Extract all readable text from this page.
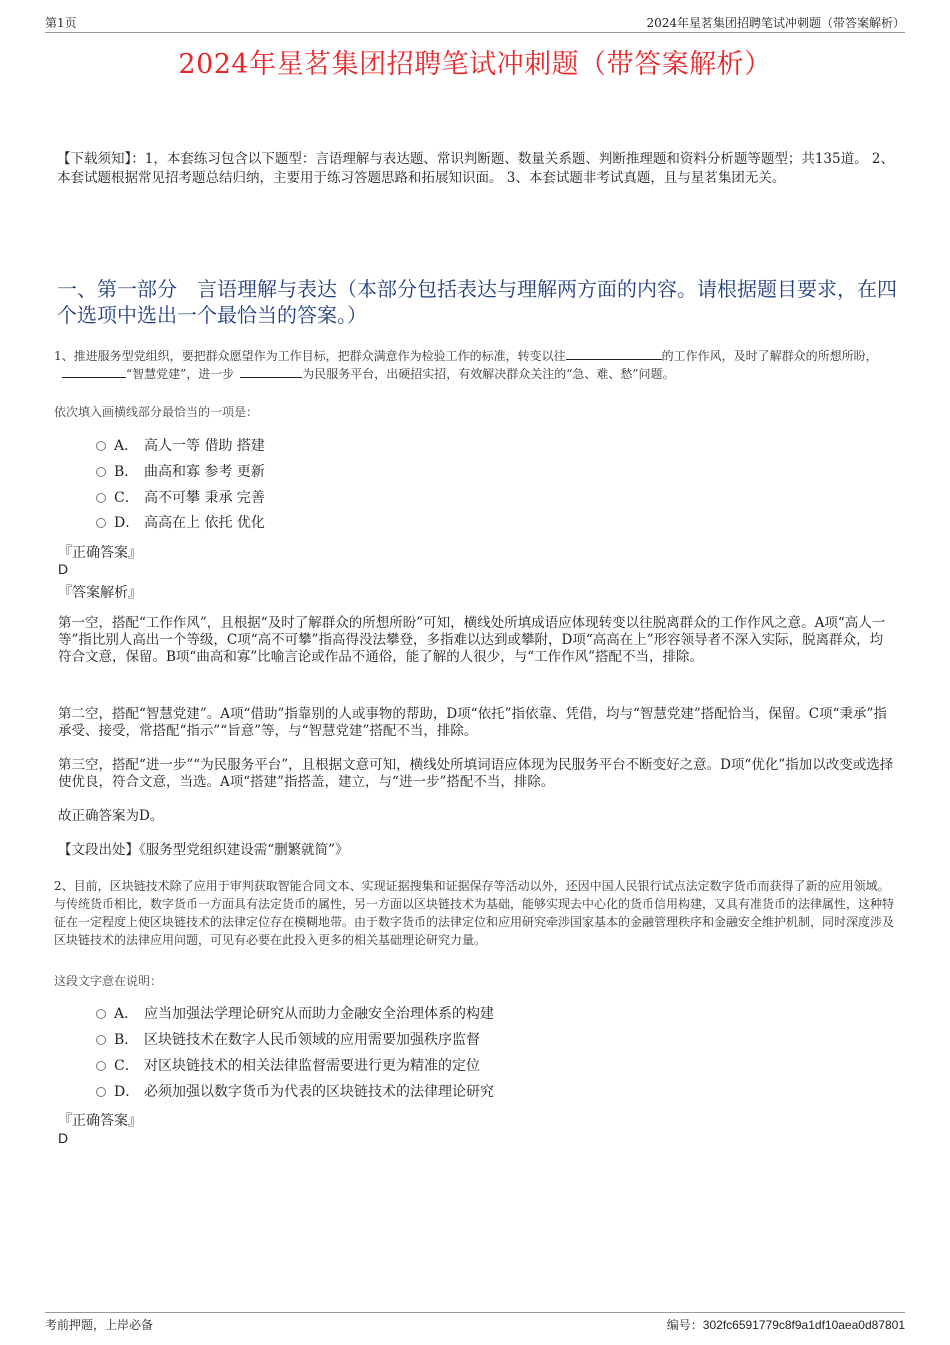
第1页	2024年星茗集团招聘笔试冲刺题（带答案解析）
2024年星茗集团招聘笔试冲刺题（带答案解析）
【下载须知】：1，本套练习包含以下题型：言语理解与表达题、常识判断题、数量关系题、判断推理题和资料分析题等题型；共135道。 2、本套试题根据常见招考题总结归纳，主要用于练习答题思路和拓展知识面。 3、本套试题非考试真题，且与星茗集团无关。
一、第一部分　言语理解与表达（本部分包括表达与理解两方面的内容。请根据题目要求，在四个选项中选出一个最恰当的答案。）
1、推进服务型党组织，要把群众愿望作为工作目标，把群众满意作为检验工作的标准，转变以往	的工作作风，及时了解群众的所想所盼，“智慧党建”，进一步	为民服务平台，出硬招实招，有效解决群众关注的“急、难、愁”问题。
依次填入画横线部分最恰当的一项是：
A． 高人一等 借助 搭建
B． 曲高和寡 参考 更新
C． 高不可攀 秉承 完善
D． 高高在上 依托 优化
『正确答案』
D
『答案解析』
第一空，搭配“工作作风”，且根据“及时了解群众的所想所盼”可知，横线处所填成语应体现转变以往脱离群众的工作作风之意。A项“高人一等”指比别人高出一个等级，C项“高不可攀”指高得没法攀登，多指难以达到或攀附，D项“高高在上”形容领导者不深入实际，脱离群众，均符合文意，保留。B项“曲高和寡”比喻言论或作品不通俗，能了解的人很少，与“工作作风”搭配不当，排除。
第二空，搭配“智慧党建”。A项“借助”指靠别的人或事物的帮助，D项“依托”指依靠、凭借，均与“智慧党建”搭配恰当，保留。C项“秉承”指承受、接受，常搭配“指示”“旨意”等，与“智慧党建”搭配不当，排除。
第三空，搭配“进一步”“为民服务平台”，且根据文意可知，横线处所填词语应体现为民服务平台不断变好之意。D项“优化”指加以改变或选择使优良，符合文意，当选。A项“搭建”指搭盖，建立，与“进一步”搭配不当，排除。
故正确答案为D。
【文段出处】《服务型党组织建设需“删繁就简”》
2、目前，区块链技术除了应用于审判获取智能合同文本、实现证据搜集和证据保存等活动以外，还因中国人民银行试点法定数字货币而获得了新的应用领域。与传统货币相比，数字货币一方面具有法定货币的属性，另一方面以区块链技术为基础，能够实现去中心化的货币信用构建，又具有准货币的法律属性，这种特征在一定程度上使区块链技术的法律定位存在模糊地带。由于数字货币的法律定位和应用研究牵涉国家基本的金融管理秩序和金融安全维护机制，同时深度涉及区块链技术的法律应用问题，可见有必要在此投入更多的相关基础理论研究力量。
这段文字意在说明：
A． 应当加强法学理论研究从而助力金融安全治理体系的构建
B． 区块链技术在数字人民币领域的应用需要加强秩序监督
C． 对区块链技术的相关法律监督需要进行更为精准的定位
D． 必须加强以数字货币为代表的区块链技术的法律理论研究
『正确答案』
D
考前押题，上岸必备	编号：302fc6591779c8f9a1df10aea0d87801
